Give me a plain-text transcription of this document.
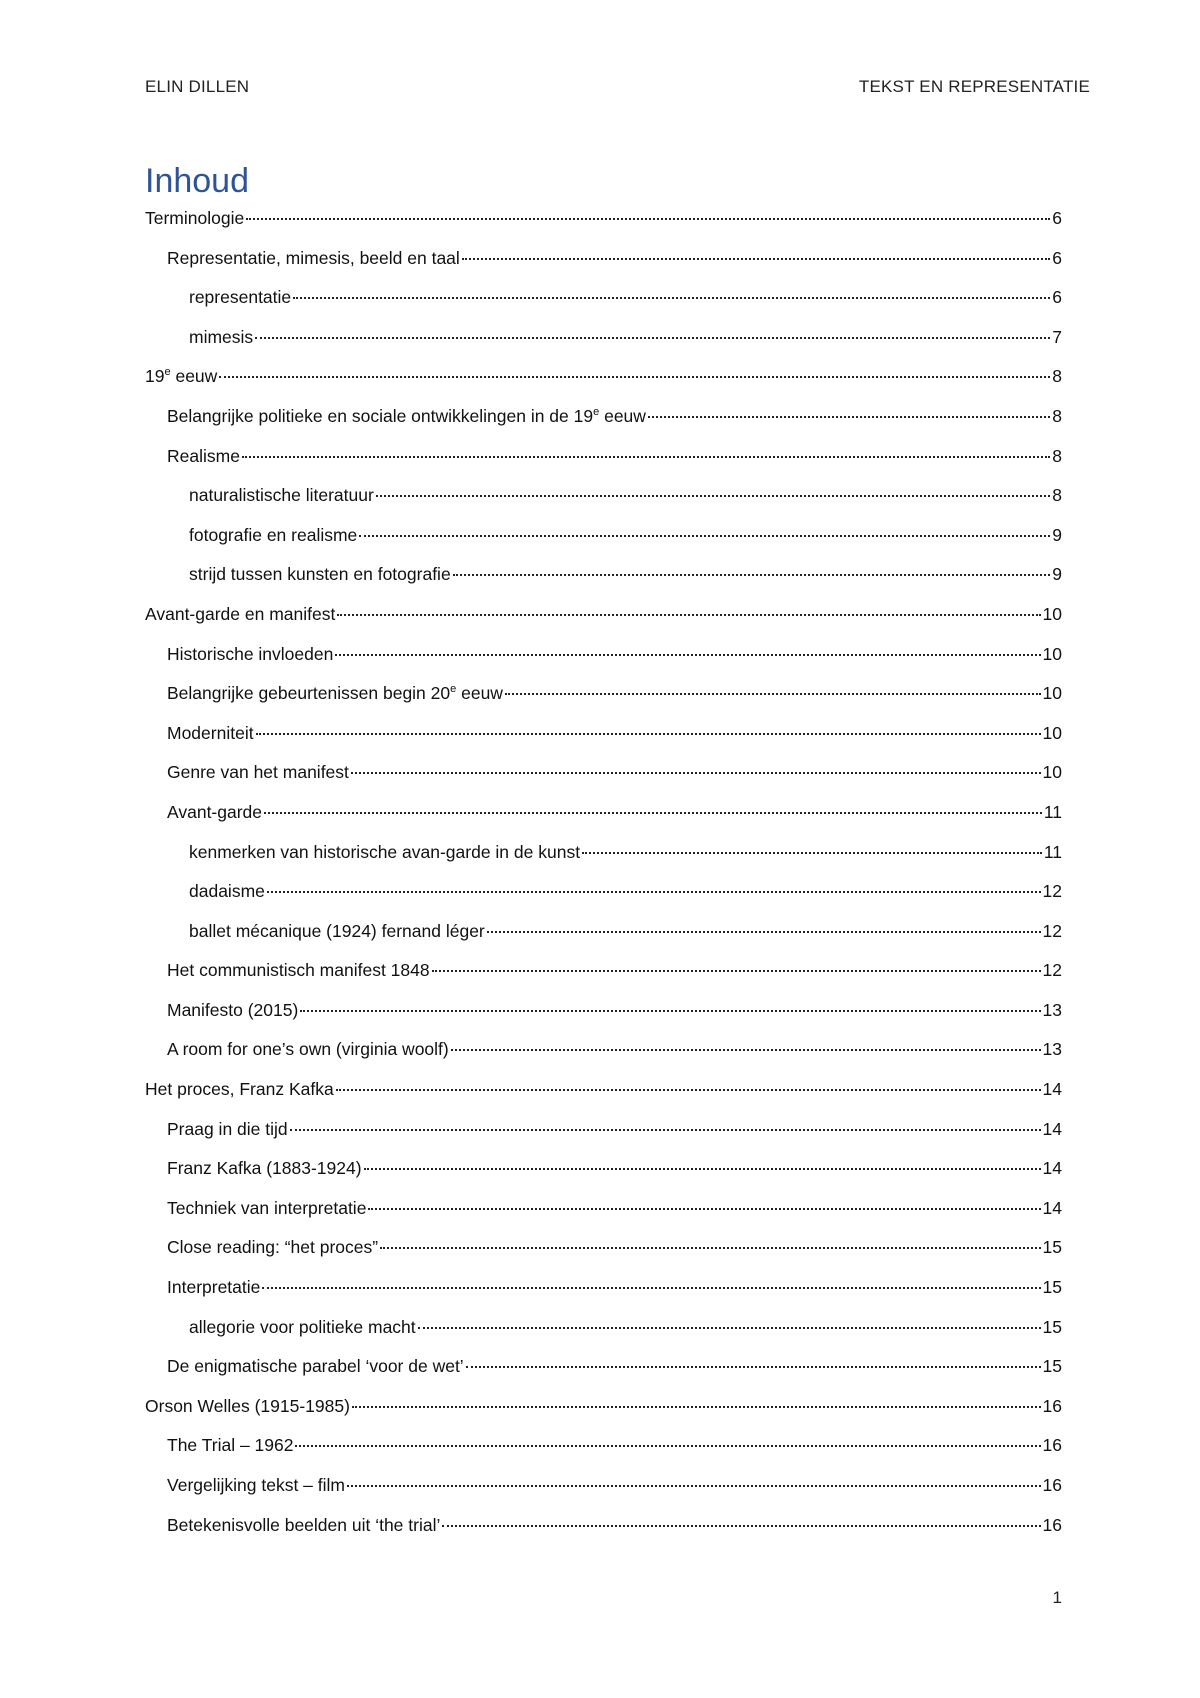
ELIN DILLEN	TEKST EN REPRESENTATIE
Inhoud
Terminologie	6
Representatie, mimesis, beeld en taal	6
representatie	6
mimesis	7
19e eeuw	8
Belangrijke politieke en sociale ontwikkelingen in de 19e eeuw	8
Realisme	8
naturalistische literatuur	8
fotografie en realisme	9
strijd tussen kunsten en fotografie	9
Avant-garde en manifest	10
Historische invloeden	10
Belangrijke gebeurtenissen begin 20e eeuw	10
Moderniteit	10
Genre van het manifest	10
Avant-garde	11
kenmerken van historische avan-garde in de kunst	11
dadaisme	12
ballet mécanique (1924) fernand léger	12
Het communistisch manifest 1848	12
Manifesto (2015)	13
A room for one’s own (virginia woolf)	13
Het proces, Franz Kafka	14
Praag in die tijd	14
Franz Kafka (1883-1924)	14
Techniek van interpretatie	14
Close reading: “het proces”	15
Interpretatie	15
allegorie voor politieke macht	15
De enigmatische parabel ‘voor de wet’	15
Orson Welles (1915-1985)	16
The Trial – 1962	16
Vergelijking tekst – film	16
Betekenisvolle beelden uit ‘the trial’	16
1
